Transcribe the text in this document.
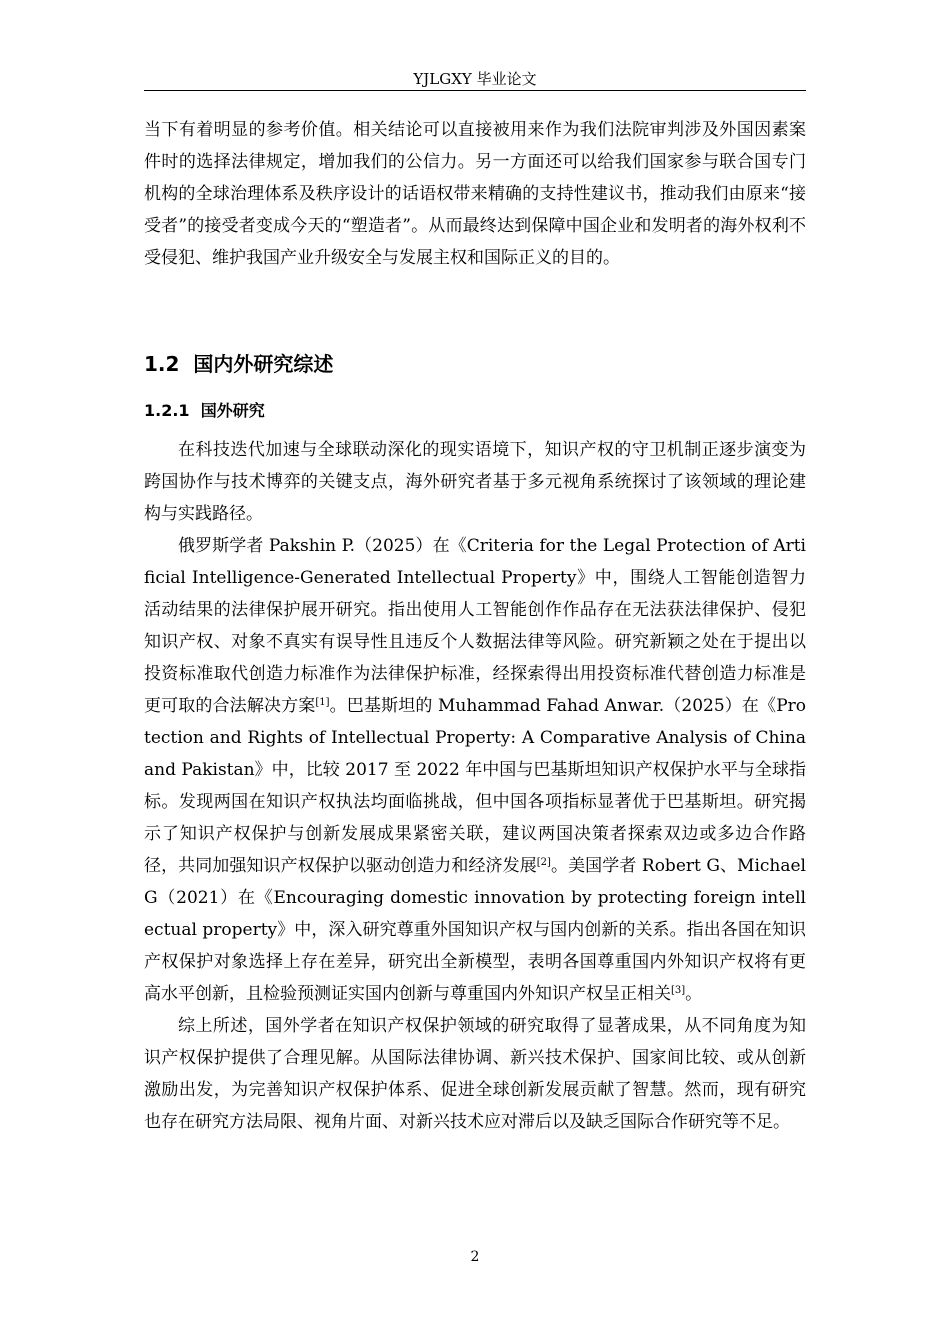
YJLGXY 毕业论文

当下有着明显的参考价值。相关结论可以直接被用来作为我们法院审判涉及外国因素案件时的选择法律规定，增加我们的公信力。另一方面还可以给我们国家参与联合国专门机构的全球治理体系及秩序设计的话语权带来精确的支持性建议书，推动我们由原来“接受者”的接受者变成今天的“塑造者”。从而最终达到保障中国企业和发明者的海外权利不受侵犯、维护我国产业升级安全与发展主权和国际正义的目的。

1.2 国内外研究综述
1.2.1 国外研究

在科技迭代加速与全球联动深化的现实语境下，知识产权的守卫机制正逐步演变为跨国协作与技术博弈的关键支点，海外研究者基于多元视角系统探讨了该领域的理论建构与实践路径。

俄罗斯学者 Pakshin P.（2025）在《Criteria for the Legal Protection of Artificial Intelligence-Generated Intellectual Property》中，围绕人工智能创造智力活动结果的法律保护展开研究。指出使用人工智能创作作品存在无法获法律保护、侵犯知识产权、对象不真实有误导性且违反个人数据法律等风险。研究新颖之处在于提出以投资标准取代创造力标准作为法律保护标准，经探索得出用投资标准代替创造力标准是更可取的合法解决方案[1]。巴基斯坦的 Muhammad Fahad Anwar.（2025）在《Protection and Rights of Intellectual Property: A Comparative Analysis of China and Pakistan》中，比较 2017 至 2022 年中国与巴基斯坦知识产权保护水平与全球指标。发现两国在知识产权执法均面临挑战，但中国各项指标显著优于巴基斯坦。研究揭示了知识产权保护与创新发展成果紧密关联，建议两国决策者探索双边或多边合作路径，共同加强知识产权保护以驱动创造力和经济发展[2]。美国学者 Robert G、Michael G（2021）在《Encouraging domestic innovation by protecting foreign intellectual property》中，深入研究尊重外国知识产权与国内创新的关系。指出各国在知识产权保护对象选择上存在差异，研究出全新模型，表明各国尊重国内外知识产权将有更高水平创新，且检验预测证实国内创新与尊重国内外知识产权呈正相关[3]。

综上所述，国外学者在知识产权保护领域的研究取得了显著成果，从不同角度为知识产权保护提供了合理见解。从国际法律协调、新兴技术保护、国家间比较、或从创新激励出发，为完善知识产权保护体系、促进全球创新发展贡献了智慧。然而，现有研究也存在研究方法局限、视角片面、对新兴技术应对滞后以及缺乏国际合作研究等不足。

2
